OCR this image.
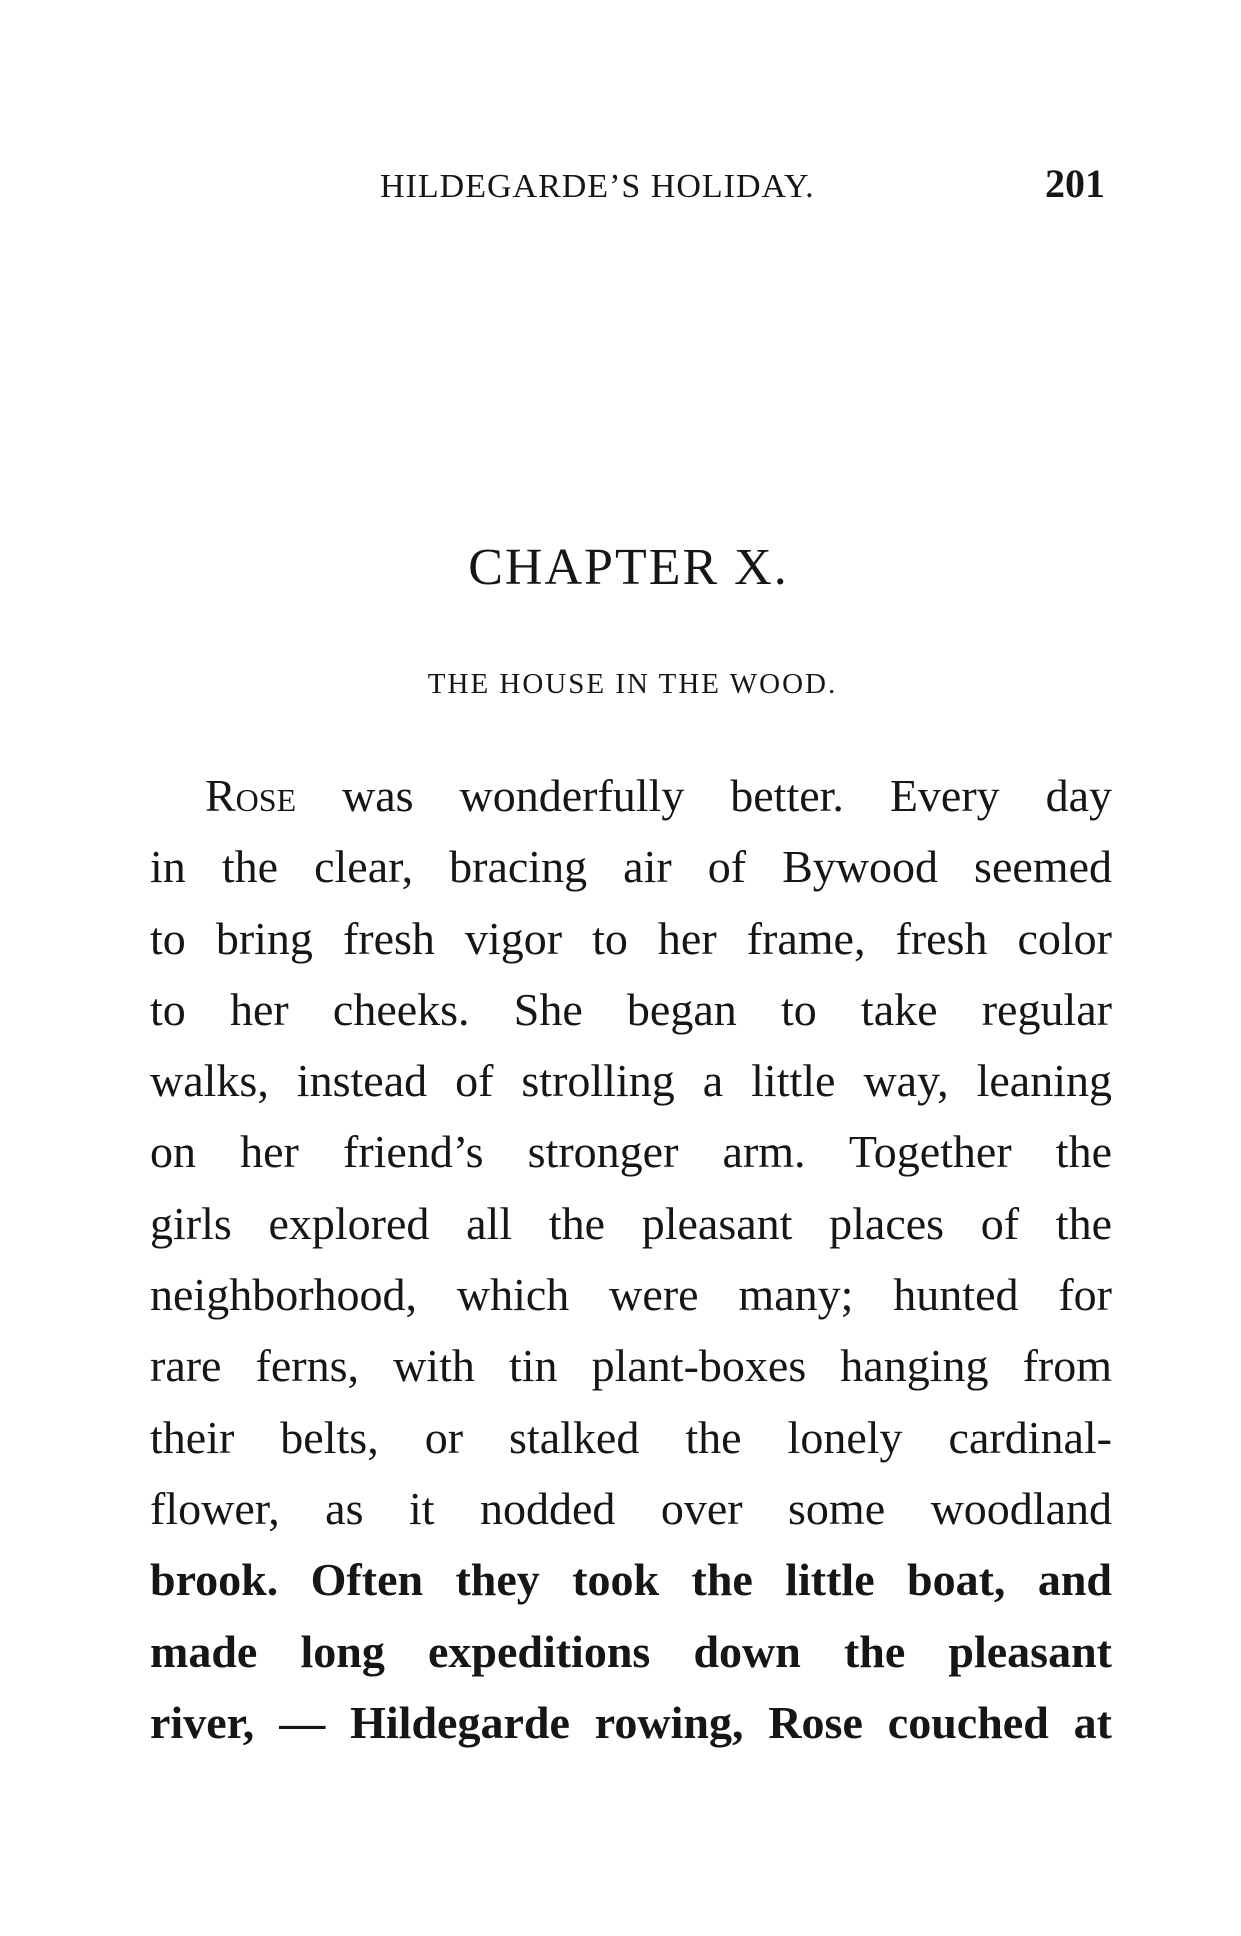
HILDEGARDE’S HOLIDAY.	201
CHAPTER X.
THE HOUSE IN THE WOOD.
Rose was wonderfully better. Every day
in the clear, bracing air of Bywood seemed
to bring fresh vigor to her frame, fresh color
to her cheeks. She began to take regular
walks, instead of strolling a little way, leaning
on her friend’s stronger arm. Together the
girls explored all the pleasant places of the
neighborhood, which were many; hunted for
rare ferns, with tin plant-boxes hanging from
their belts, or stalked the lonely cardinal-
flower, as it nodded over some woodland
brook. Often they took the little boat, and
made long expeditions down the pleasant
river, — Hildegarde rowing, Rose couched at
